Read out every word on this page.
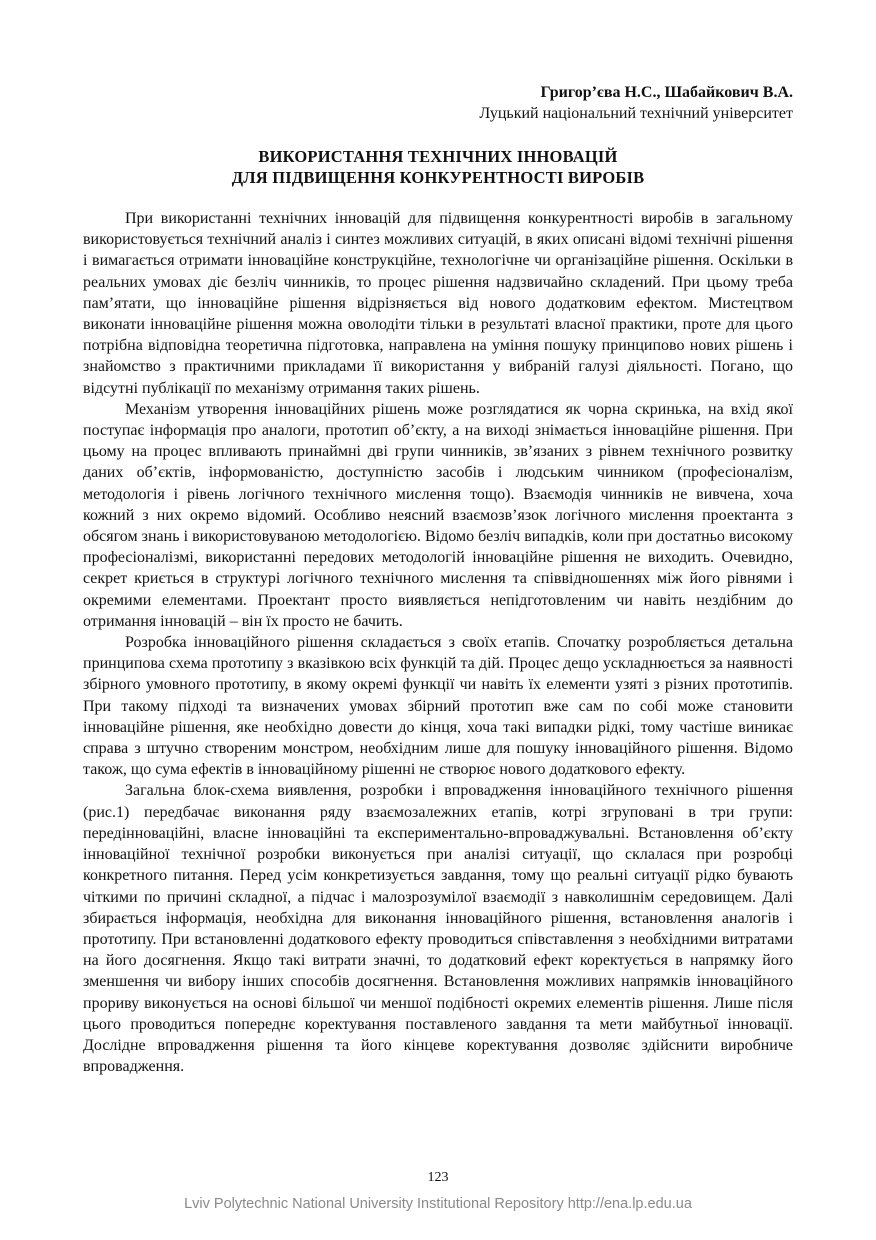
Григор’єва Н.С., Шабайкович В.А.
Луцький національний технічний університет
ВИКОРИСТАННЯ ТЕХНІЧНИХ ІННОВАЦІЙ
ДЛЯ ПІДВИЩЕННЯ КОНКУРЕНТНОСТІ ВИРОБІВ

При використанні технічних інновацій для підвищення конкурентності виробів в загальному використовується технічний аналіз і синтез можливих ситуацій, в яких описані відомі технічні рішення і вимагається отримати інноваційне конструкційне, технологічне чи організаційне рішення. Оскільки в реальних умовах діє безліч чинників, то процес рішення надзвичайно складений. При цьому треба пам’ятати, що інноваційне рішення відрізняється від нового додатковим ефектом. Мистецтвом виконати інноваційне рішення можна оволодіти тільки в результаті власної практики, проте для цього потрібна відповідна теоретична підготовка, направлена на уміння пошуку принципово нових рішень і знайомство з практичними прикладами її використання у вибраній галузі діяльності. Погано, що відсутні публікації по механізму отримання таких рішень.

Механізм утворення інноваційних рішень може розглядатися як чорна скринька, на вхід якої поступає інформація про аналоги, прототип об’єкту, а на виході знімається інноваційне рішення. При цьому на процес впливають принаймні дві групи чинників, зв’язаних з рівнем технічного розвитку даних об’єктів, інформованістю, доступністю засобів і людським чинником (професіоналізм, методологія і рівень логічного технічного мислення тощо). Взаємодія чинників не вивчена, хоча кожний з них окремо відомий. Особливо неясний взаємозв’язок логічного мислення проектанта з обсягом знань і використовуваною методологією. Відомо безліч випадків, коли при достатньо високому професіоналізмі, використанні передових методологій інноваційне рішення не виходить. Очевидно, секрет криється в структурі логічного технічного мислення та співвідношеннях між його рівнями і окремими елементами. Проектант просто виявляється непідготовленим чи навіть нездібним до отримання інновацій – він їх просто не бачить.

Розробка інноваційного рішення складається з своїх етапів. Спочатку розробляється детальна принципова схема прототипу з вказівкою всіх функцій та дій. Процес дещо ускладнюється за наявності збірного умовного прототипу, в якому окремі функції чи навіть їх елементи узяті з різних прототипів. При такому підході та визначених умовах збірний прототип вже сам по собі може становити інноваційне рішення, яке необхідно довести до кінця, хоча такі випадки рідкі, тому частіше виникає справа з штучно створеним монстром, необхідним лише для пошуку інноваційного рішення. Відомо також, що сума ефектів в інноваційному рішенні не створює нового додаткового ефекту.

Загальна блок-схема виявлення, розробки і впровадження інноваційного технічного рішення (рис.1) передбачає виконання ряду взаємозалежних етапів, котрі згруповані в три групи: передінноваційні, власне інноваційні та експериментально-впроваджувальні. Встановлення об’єкту інноваційної технічної розробки виконується при аналізі ситуації, що склалася при розробці конкретного питання. Перед усім конкретизується завдання, тому що реальні ситуації рідко бувають чіткими по причині складної, а підчас і малозрозумілої взаємодії з навколишнім середовищем. Далі збирається інформація, необхідна для виконання інноваційного рішення, встановлення аналогів і прототипу. При встановленні додаткового ефекту проводиться співставлення з необхідними витратами на його досягнення. Якщо такі витрати значні, то додатковий ефект коректується в напрямку його зменшення чи вибору інших способів досягнення. Встановлення можливих напрямків інноваційного прориву виконується на основі більшої чи меншої подібності окремих елементів рішення. Лише після цього проводиться попереднє коректування поставленого завдання та мети майбутньої інновації. Дослідне впровадження рішення та його кінцеве коректування дозволяє здійснити виробниче впровадження.

123
Lviv Polytechnic National University Institutional Repository http://ena.lp.edu.ua
